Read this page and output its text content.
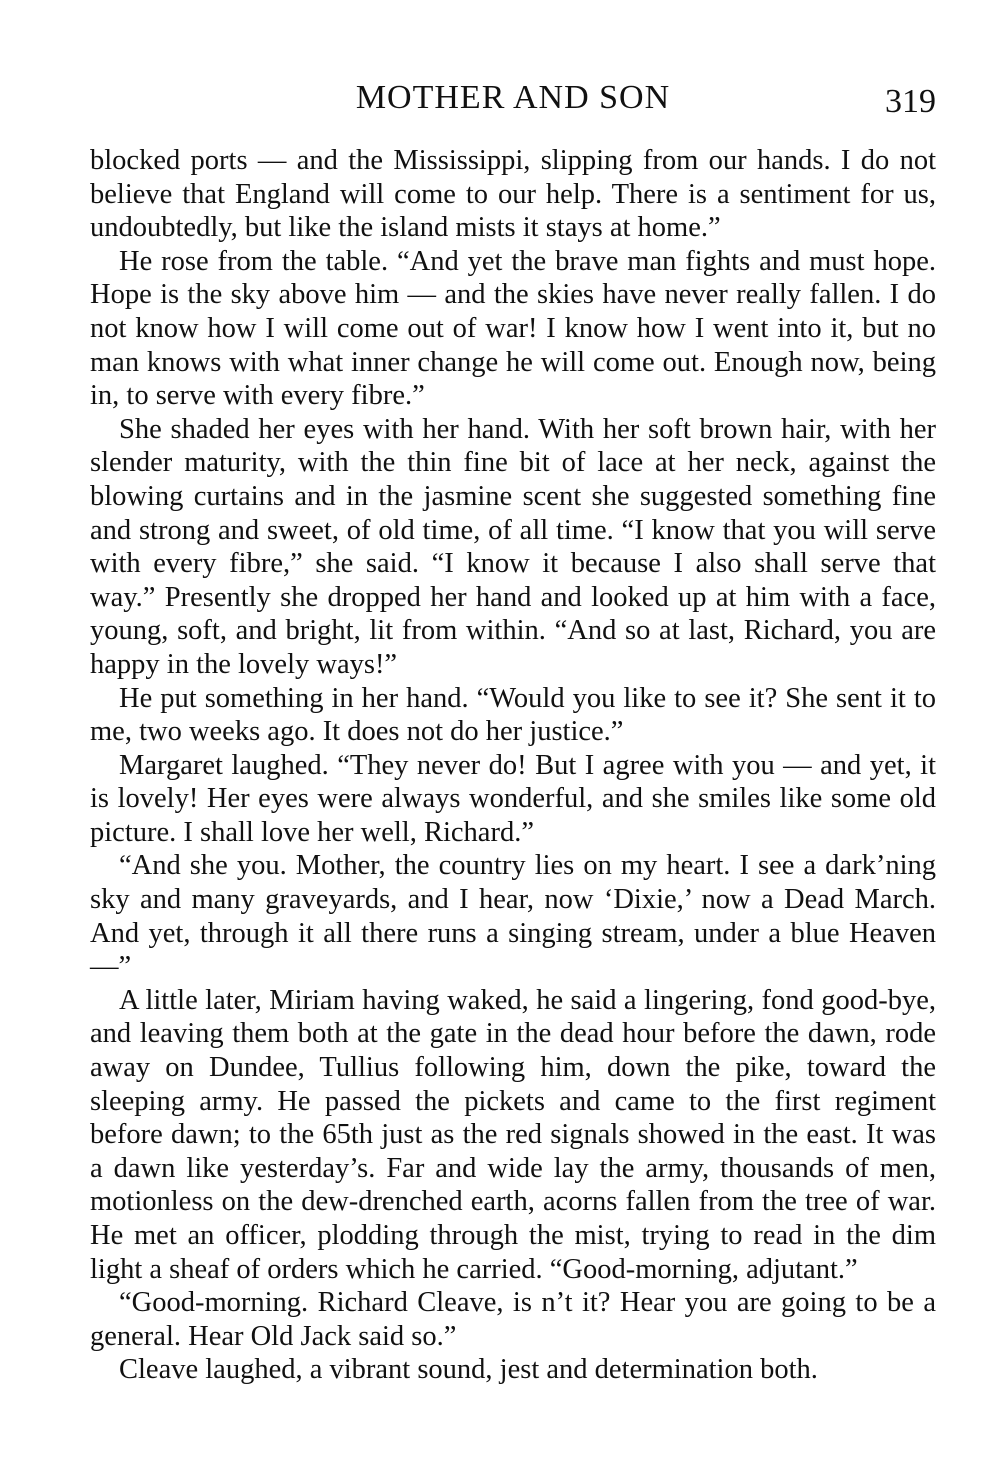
MOTHER AND SON	319

blocked ports — and the Mississippi, slipping from our hands. I do not believe that England will come to our help. There is a sentiment for us, undoubtedly, but like the island mists it stays at home.”

He rose from the table. “And yet the brave man fights and must hope. Hope is the sky above him — and the skies have never really fallen. I do not know how I will come out of war! I know how I went into it, but no man knows with what inner change he will come out. Enough now, being in, to serve with every fibre.”

She shaded her eyes with her hand. With her soft brown hair, with her slender maturity, with the thin fine bit of lace at her neck, against the blowing curtains and in the jasmine scent she suggested something fine and strong and sweet, of old time, of all time. “I know that you will serve with every fibre,” she said. “I know it because I also shall serve that way.” Presently she dropped her hand and looked up at him with a face, young, soft, and bright, lit from within. “And so at last, Richard, you are happy in the lovely ways!”

He put something in her hand. “Would you like to see it? She sent it to me, two weeks ago. It does not do her justice.”

Margaret laughed. “They never do! But I agree with you — and yet, it is lovely! Her eyes were always wonderful, and she smiles like some old picture. I shall love her well, Richard.”

“And she you. Mother, the country lies on my heart. I see a dark’ning sky and many graveyards, and I hear, now ‘Dixie,’ now a Dead March. And yet, through it all there runs a singing stream, under a blue Heaven —”

A little later, Miriam having waked, he said a lingering, fond good-bye, and leaving them both at the gate in the dead hour before the dawn, rode away on Dundee, Tullius following him, down the pike, toward the sleeping army. He passed the pickets and came to the first regiment before dawn; to the 65th just as the red signals showed in the east. It was a dawn like yesterday’s. Far and wide lay the army, thousands of men, motionless on the dew-drenched earth, acorns fallen from the tree of war. He met an officer, plodding through the mist, trying to read in the dim light a sheaf of orders which he carried. “Good-morning, adjutant.”

“Good-morning. Richard Cleave, is n’t it? Hear you are going to be a general. Hear Old Jack said so.”

Cleave laughed, a vibrant sound, jest and determination both.
